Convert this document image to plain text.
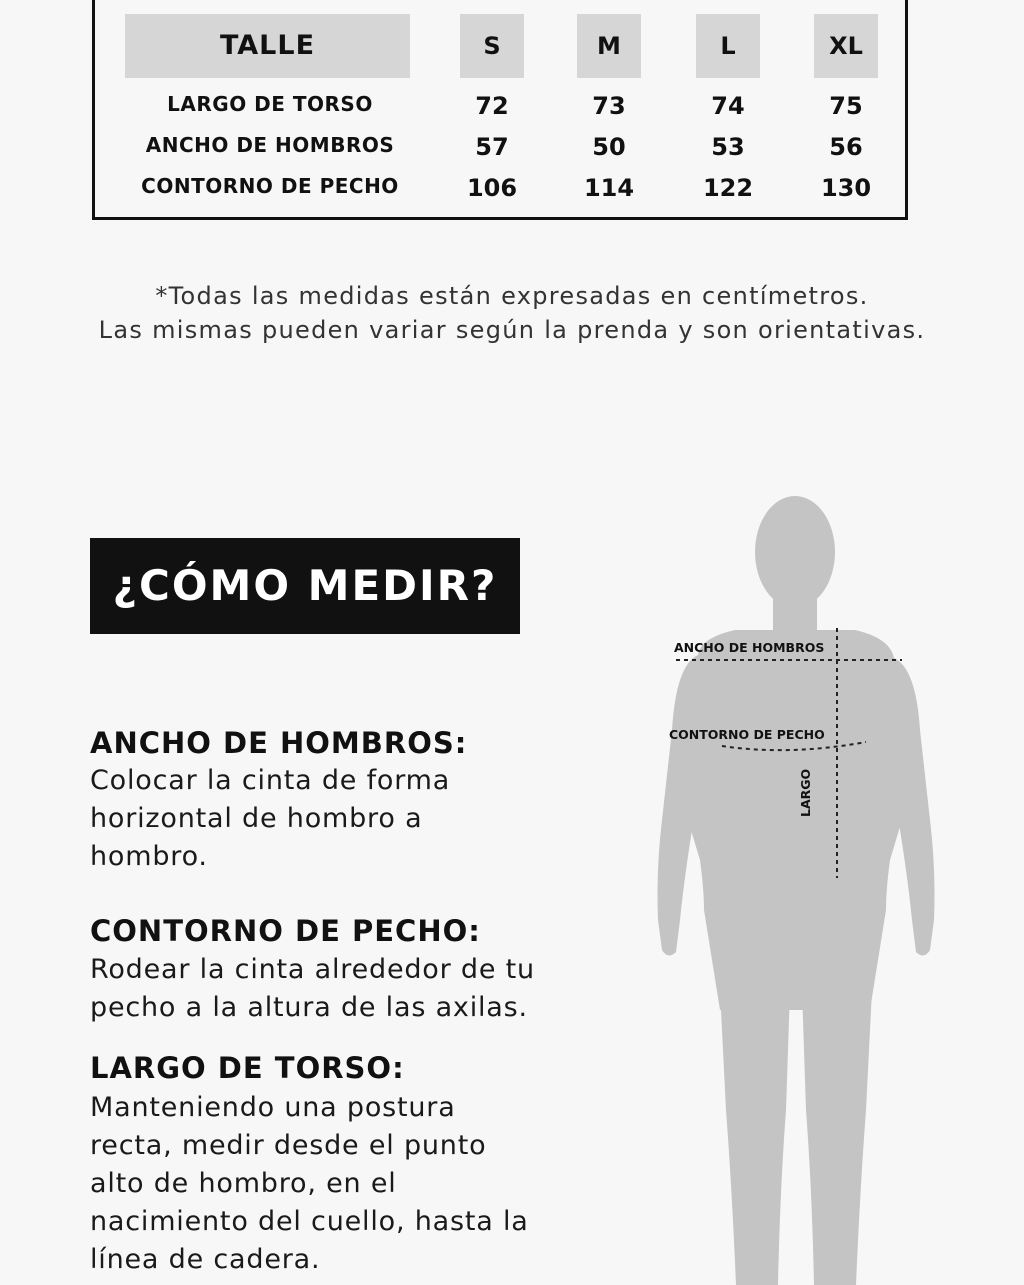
TALLE	S	M	L	XL
LARGO DE TORSO	72	73	74	75
ANCHO DE HOMBROS	57	50	53	56
CONTORNO DE PECHO	106	114	122	130
*Todas las medidas están expresadas en centímetros.
Las mismas pueden variar según la prenda y son orientativas.
¿CÓMO MEDIR?
ANCHO DE HOMBROS:
Colocar la cinta de forma
horizontal de hombro a
hombro.
CONTORNO DE PECHO:
Rodear la cinta alrededor de tu
pecho a la altura de las axilas.
LARGO DE TORSO:
Manteniendo una postura
recta, medir desde el punto
alto de hombro, en el
nacimiento del cuello, hasta la
línea de cadera.
ANCHO DE HOMBROS
CONTORNO DE PECHO
LARGO
